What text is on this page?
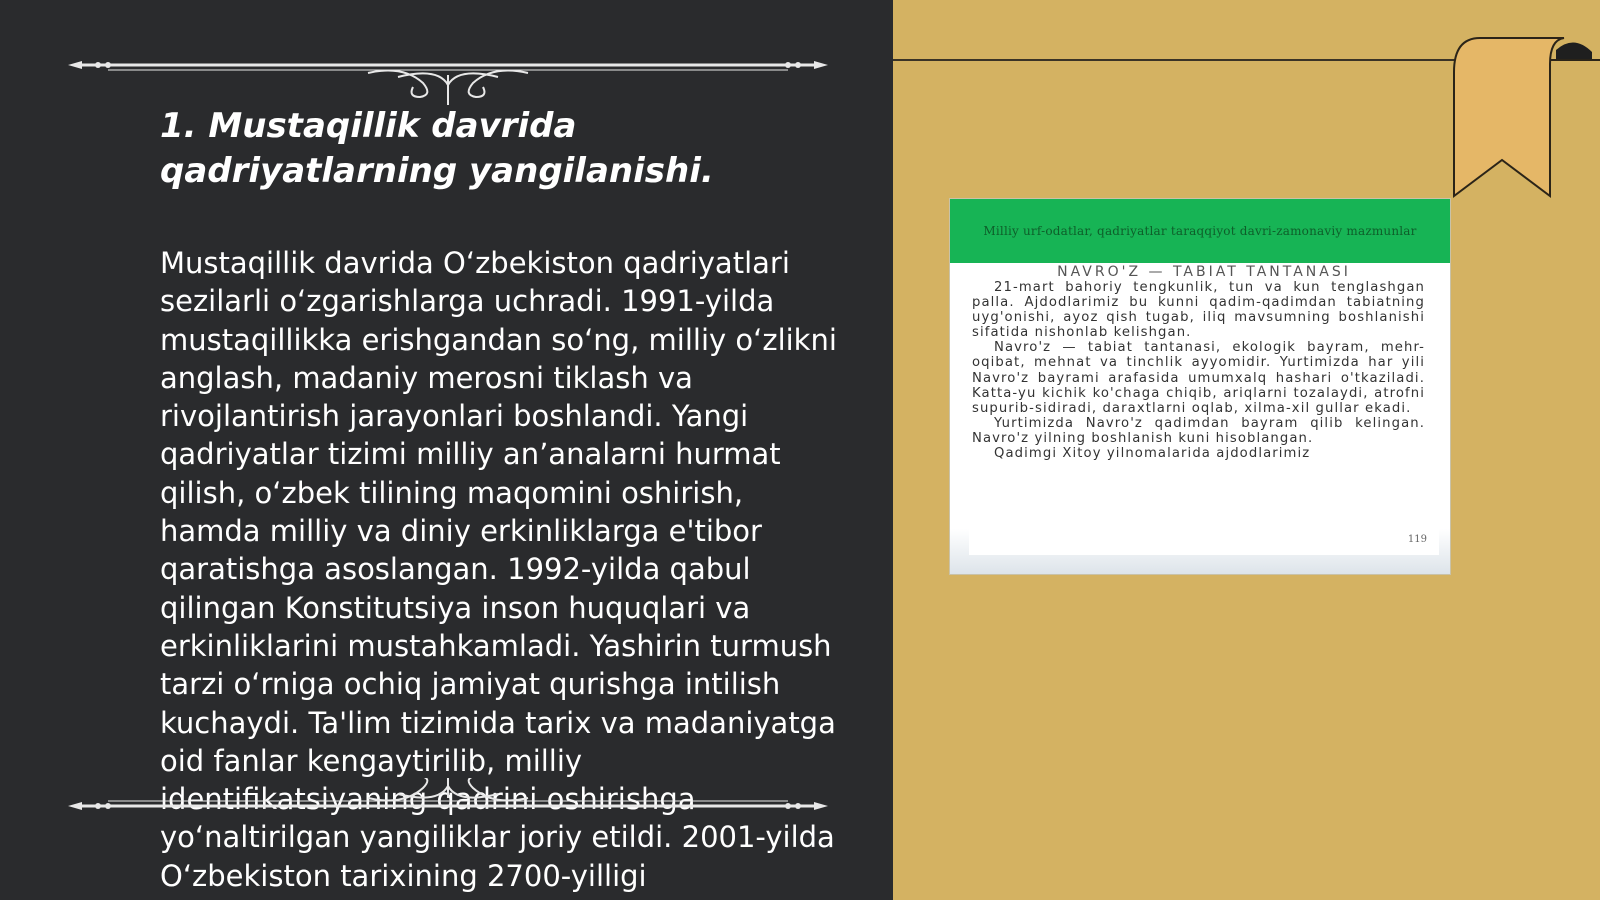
1. Mustaqillik davrida qadriyatlarning yangilanishi.

Mustaqillik davrida O‘zbekiston qadriyatlari sezilarli o‘zgarishlarga uchradi. 1991-yilda mustaqillikka erishgandan so‘ng, milliy o‘zlikni anglash, madaniy merosni tiklash va rivojlantirish jarayonlari boshlandi. Yangi qadriyatlar tizimi milliy an’analarni hurmat qilish, o‘zbek tilining maqomini oshirish, hamda milliy va diniy erkinliklarga e'tibor qaratishga asoslangan. 1992-yilda qabul qilingan Konstitutsiya inson huquqlari va erkinliklarini mustahkamladi. Yashirin turmush tarzi o‘rniga ochiq jamiyat qurishga intilish kuchaydi. Ta'lim tizimida tarix va madaniyatga oid fanlar kengaytirilib, milliy identifikatsiyaning qadrini oshirishga yo‘naltirilgan yangiliklar joriy etildi. 2001-yilda O‘zbekiston tarixining 2700-yilligi

Milliy urf-odatlar, qadriyatlar taraqqiyot davri-zamonaviy mazmunlar
NAVRO'Z — TABIAT TANTANASI

21-mart bahoriy tengkunlik, tun va kun tenglashgan palla. Ajdodlarimiz bu kunni qadim-qadimdan tabiatning uyg'onishi, ayoz qish tugab, iliq mavsumning boshlanishi sifatida nishonlab kelishgan.

Navro'z — tabiat tantanasi, ekologik bayram, mehr-oqibat, mehnat va tinchlik ayyomidir. Yurtimizda har yili Navro'z bayrami arafasida umumxalq hashari o'tkaziladi. Katta-yu kichik ko'chaga chiqib, ariqlarni tozalaydi, atrofni supurib-sidiradi, daraxtlarni oqlab, xilma-xil gullar ekadi.

Yurtimizda Navro'z qadimdan bayram qilib kelingan. Navro'z yilning boshlanish kuni hisoblangan.

Qadimgi Xitoy yilnomalarida ajdodlarimiz

119
